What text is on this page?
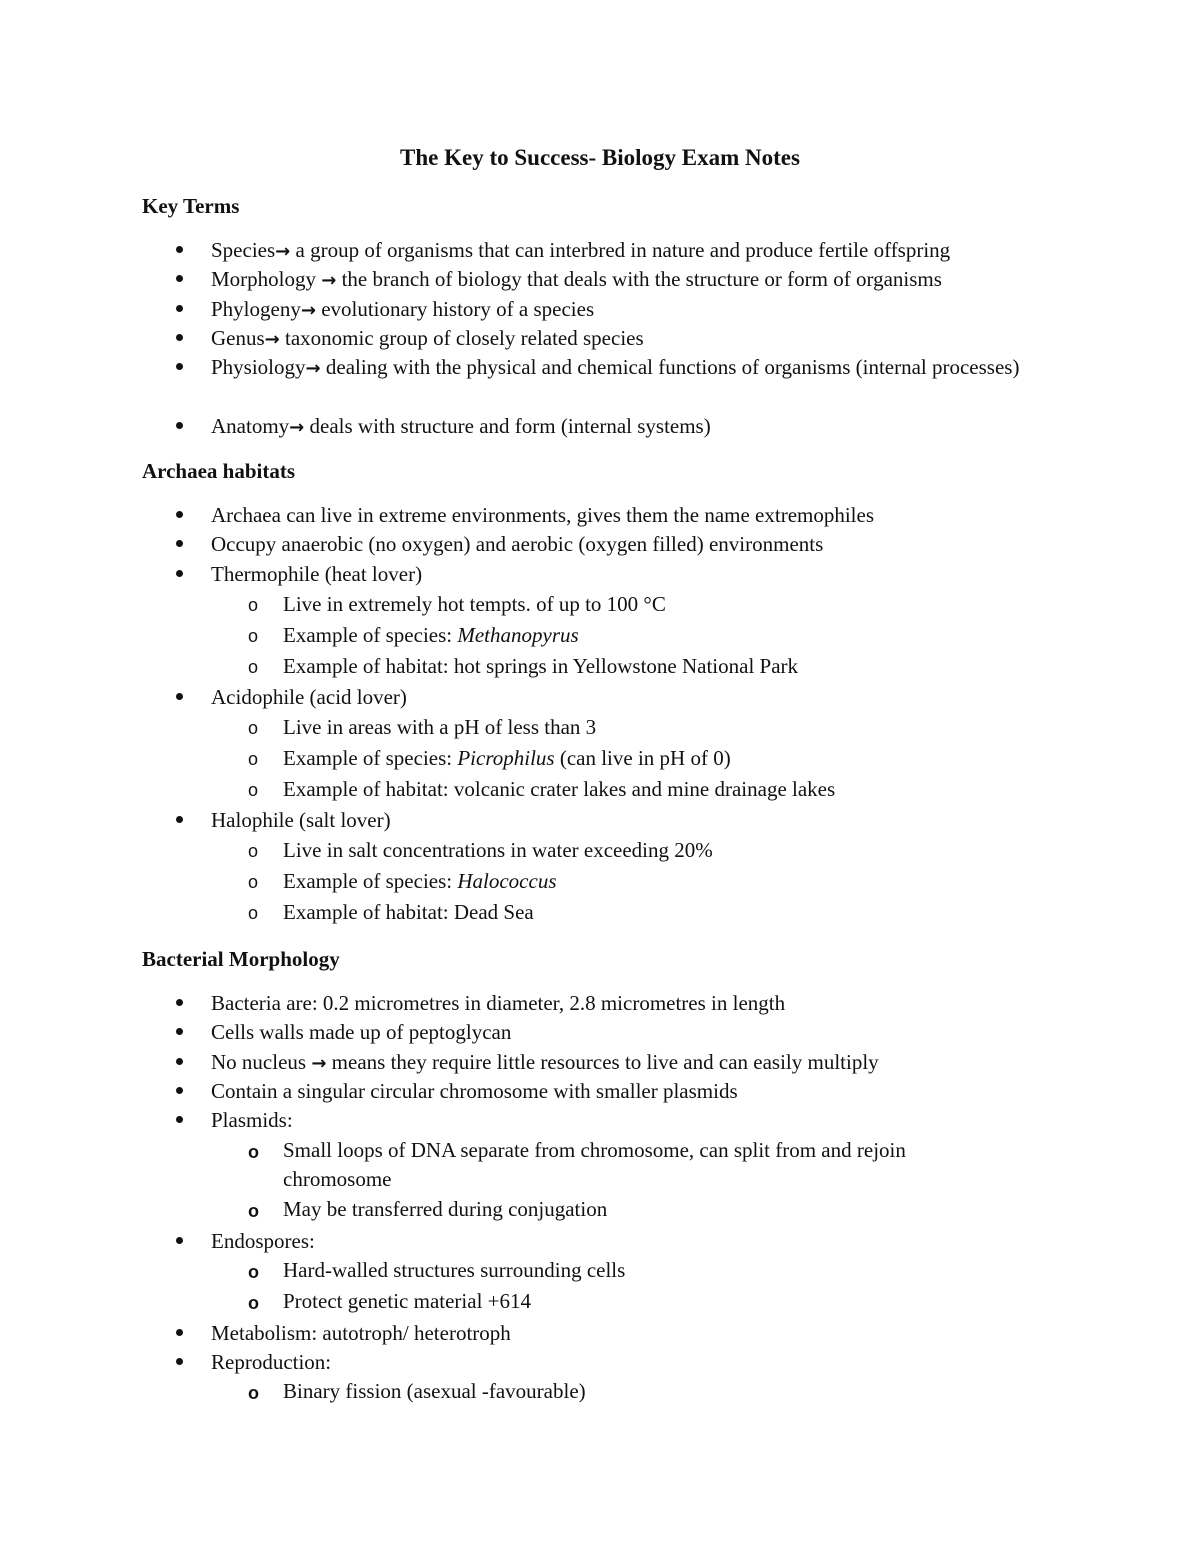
The Key to Success- Biology Exam Notes
Key Terms
Species→ a group of organisms that can interbred in nature and produce fertile offspring
Morphology → the branch of biology that deals with the structure or form of organisms
Phylogeny→ evolutionary history of a species
Genus→ taxonomic group of closely related species
Physiology→ dealing with the physical and chemical functions of organisms (internal processes)
Anatomy→ deals with structure and form (internal systems)
Archaea habitats
Archaea can live in extreme environments, gives them the name extremophiles
Occupy anaerobic (no oxygen) and aerobic (oxygen filled) environments
Thermophile (heat lover)
o Live in extremely hot tempts. of up to 100 °C
o Example of species: Methanopyrus
o Example of habitat: hot springs in Yellowstone National Park
Acidophile (acid lover)
o Live in areas with a pH of less than 3
o Example of species: Picrophilus (can live in pH of 0)
o Example of habitat: volcanic crater lakes and mine drainage lakes
Halophile (salt lover)
o Live in salt concentrations in water exceeding 20%
o Example of species: Halococcus
o Example of habitat: Dead Sea
Bacterial Morphology
Bacteria are: 0.2 micrometres in diameter, 2.8 micrometres in length
Cells walls made up of peptoglycan
No nucleus → means they require little resources to live and can easily multiply
Contain a singular circular chromosome with smaller plasmids
Plasmids:
o Small loops of DNA separate from chromosome, can split from and rejoin chromosome
o May be transferred during conjugation
Endospores:
o Hard-walled structures surrounding cells
o Protect genetic material +614
Metabolism: autotroph/ heterotroph
Reproduction:
o Binary fission (asexual -favourable)
